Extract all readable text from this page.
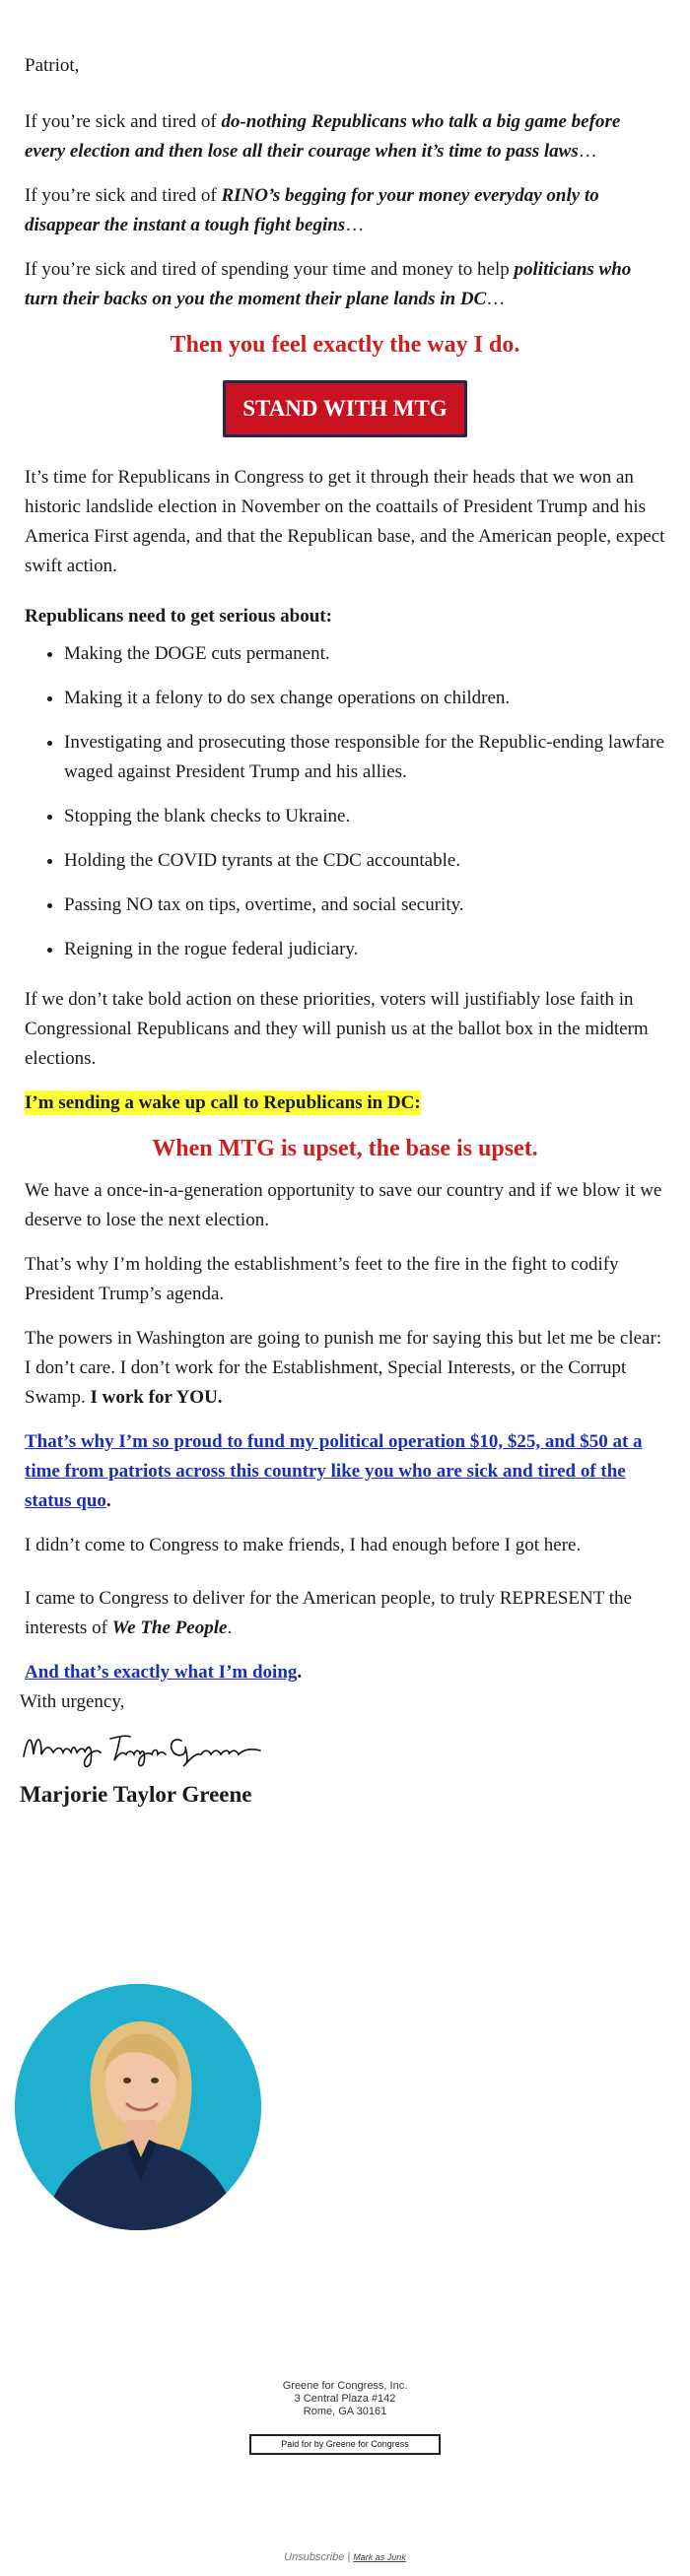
Patriot,

If you’re sick and tired of do-nothing Republicans who talk a big game before every election and then lose all their courage when it’s time to pass laws…

If you’re sick and tired of RINO’s begging for your money everyday only to disappear the instant a tough fight begins…

If you’re sick and tired of spending your time and money to help politicians who turn their backs on you the moment their plane lands in DC…

Then you feel exactly the way I do.

STAND WITH MTG

It’s time for Republicans in Congress to get it through their heads that we won an historic landslide election in November on the coattails of President Trump and his America First agenda, and that the Republican base, and the American people, expect swift action.

Republicans need to get serious about:

• Making the DOGE cuts permanent.
• Making it a felony to do sex change operations on children.
• Investigating and prosecuting those responsible for the Republic-ending lawfare waged against President Trump and his allies.
• Stopping the blank checks to Ukraine.
• Holding the COVID tyrants at the CDC accountable.
• Passing NO tax on tips, overtime, and social security.
• Reigning in the rogue federal judiciary.

If we don’t take bold action on these priorities, voters will justifiably lose faith in Congressional Republicans and they will punish us at the ballot box in the midterm elections.

I’m sending a wake up call to Republicans in DC:

When MTG is upset, the base is upset.

We have a once-in-a-generation opportunity to save our country and if we blow it we deserve to lose the next election.

That’s why I’m holding the establishment’s feet to the fire in the fight to codify President Trump’s agenda.

The powers in Washington are going to punish me for saying this but let me be clear: I don’t care. I don’t work for the Establishment, Special Interests, or the Corrupt Swamp. I work for YOU.

That’s why I’m so proud to fund my political operation $10, $25, and $50 at a time from patriots across this country like you who are sick and tired of the status quo.

I didn’t come to Congress to make friends, I had enough before I got here.

I came to Congress to deliver for the American people, to truly REPRESENT the interests of We The People.

And that’s exactly what I’m doing.

With urgency,
Marjorie Taylor Greene
Greene for Congress, Inc.
3 Central Plaza #142
Rome, GA 30161
Paid for by Greene for Congress
Unsubscribe | Mark as Junk
